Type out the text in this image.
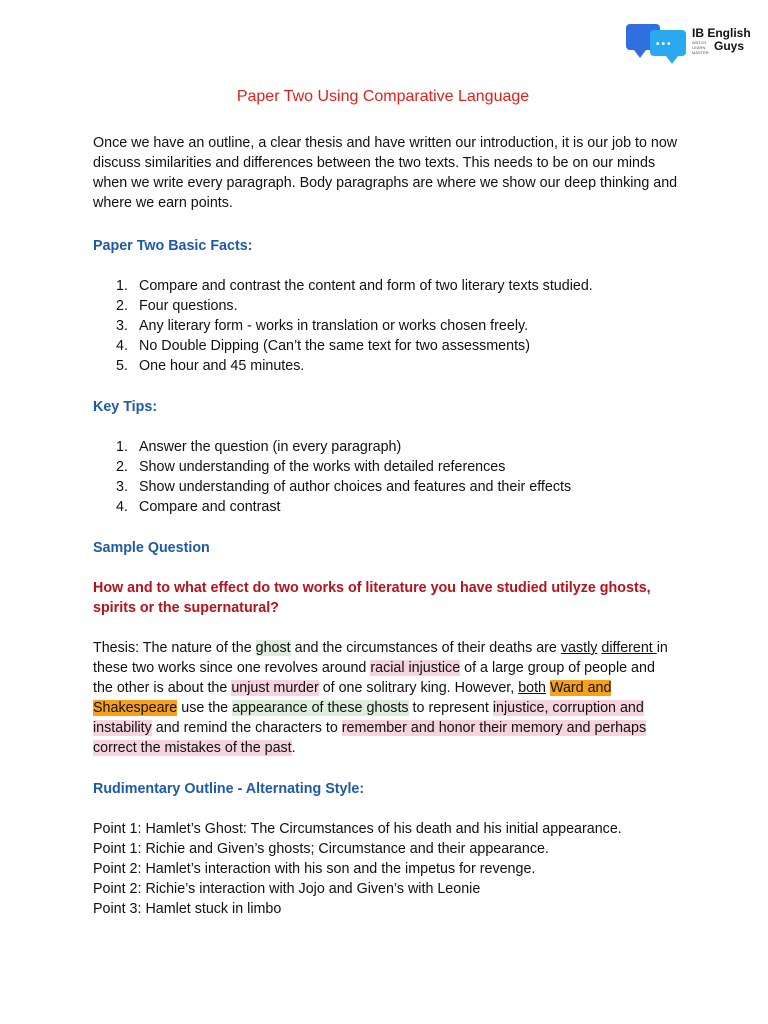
•••
IB English
Guys
WATCH LEARN MASTER
Paper Two Using Comparative Language
Once we have an outline, a clear thesis and have written our introduction, it is our job to now discuss similarities and differences between the two texts. This needs to be on our minds when we write every paragraph. Body paragraphs are where we show our deep thinking and where we earn points.
Paper Two Basic Facts:
1. Compare and contrast the content and form of two literary texts studied.
2. Four questions.
3. Any literary form - works in translation or works chosen freely.
4. No Double Dipping (Can’t the same text for two assessments)
5. One hour and 45 minutes.
Key Tips:
1. Answer the question (in every paragraph)
2. Show understanding of the works with detailed references
3. Show understanding of author choices and features and their effects
4. Compare and contrast
Sample Question
How and to what effect do two works of literature you have studied utilyze ghosts, spirits or the supernatural?
Thesis: The nature of the ghost and the circumstances of their deaths are vastly different in these two works since one revolves around racial injustice of a large group of people and the other is about the unjust murder of one solitrary king. However, both Ward and Shakespeare use the appearance of these ghosts to represent injustice, corruption and instability and remind the characters to remember and honor their memory and perhaps correct the mistakes of the past.
Rudimentary Outline - Alternating Style:
Point 1: Hamlet’s Ghost: The Circumstances of his death and his initial appearance.
Point 1: Richie and Given’s ghosts; Circumstance and their appearance.
Point 2: Hamlet’s interaction with his son and the impetus for revenge.
Point 2: Richie’s interaction with Jojo and Given’s with Leonie
Point 3: Hamlet stuck in limbo
